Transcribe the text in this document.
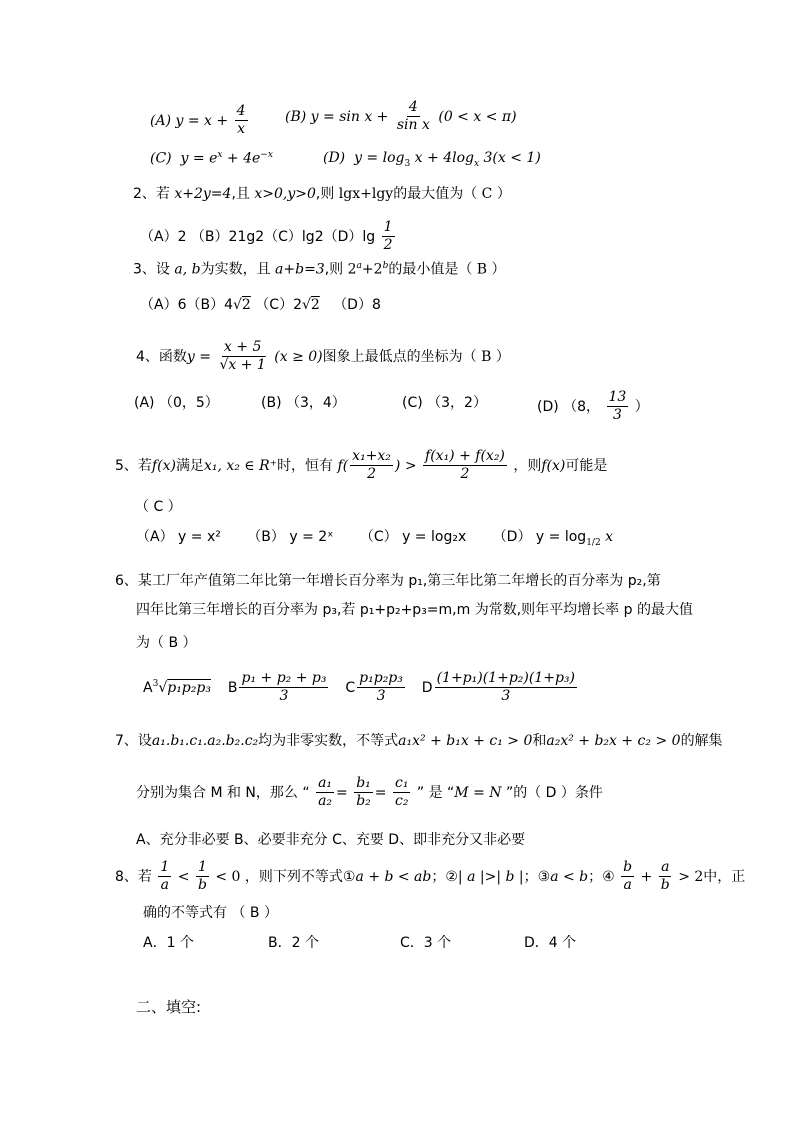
(A) $y = x + \frac{4}{x}$	(B) $y = \sin x + \frac{4}{\text{sin x}} (0 < x < \pi)$
(C) $y = e^x + 4e^{-x}$	(D) $y = \log_3 x + 4\log_x$ 3(x < 1)
2、若 x+2y=4,且 x>0,y>0,则 lgx+lgy的最大值为（ C ）
（A）2 $(B)21g2(C)\lg 2(D)\lg \frac{1}{2}$
3、设 a, b为实数，且 a+b=3,则 $2^a+2^b$的最小值是（ B ）
（A）6（B）4√2 （C）2√2 （D）8
4、函数$y = \frac{x + 5}{√x + 1} (x \ge 0)$图象上最低点的坐标为（ B ）
(A) （0，5）	(B) （3，4）	(C) （3，2）	(D) （8， $\frac{13}{3}$ ）
5、若f(x)满足x₁, x₂ ∈ R⁺时，恒有 $f( \frac{\text{x₁+x₂}}{2}$ ) > $\frac{\text{f(x₁) + f(x₂)}}{2}$ ，则f(x)可能是
（ C ）
（A） y = x² （B） y = 2ˣ （C） y = log₂x （D） $y = \log_{1/2} x$
6、某工厂年产值第二年比第一年增长百分率为 p₁,第三年比第二年增长的百分率为 p₂,第
四年比第三年增长的百分率为 p₃,若 p₁+p₂+p₃=m,m 为常数,则年平均增长率 p 的最大值
为（ B ）
$A^3√p_1p_2p_3$ B $\frac{\text{p₁ + p₂ + p₃}}{3}$ C $\frac{\text{p₁p₂p₃}}{3}$ D $\frac{\text{(1+p₁)(1+p₂)(1+p₃)}}{3}$
7、设a₁.b₁.c₁.a₂.b₂.c₂均为非零实数，不等式a₁x² + b₁x + c₁ > 0和a₂x² + b₂x + c₂ > 0的解集
分别为集合 M 和 N，那么 “ $\frac{\text{a₁}}{\text{a₂}} = \frac{\text{b₁}}{\text{b₂}} = \frac{\text{c₁}}{\text{c₂}}$ ” 是 “M = N ”的（ D ）条件
A、充分非必要 B、必要非充分 C、充要 D、即非充分又非必要
8、若 $\frac{1}{a} < \frac{1}{b} < 0$ ，则下列不等式①a + b < ab；②| a |>| b |；③a < b；④ $\frac{b}{a} + \frac{a}{b} > 2$中，正
确的不等式有 （ B ）
A．1 个	B．2 个	C．3 个	D．4 个
二、填空:
